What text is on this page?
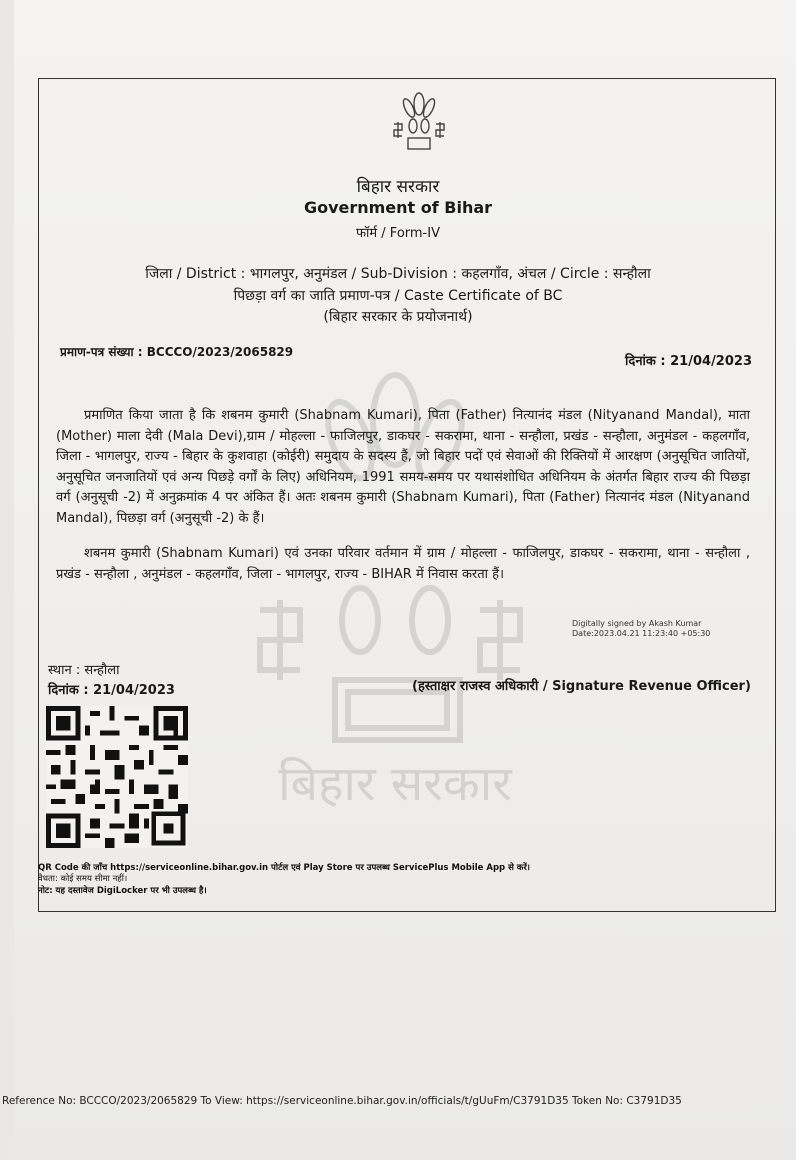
बिहार सरकार
बिहार सरकार
Government of Bihar
फॉर्म / Form-IV
जिला / District : भागलपुर, अनुमंडल / Sub-Division : कहलगाँव, अंचल / Circle : सन्हौला
पिछड़ा वर्ग का जाति प्रमाण-पत्र / Caste Certificate of BC
(बिहार सरकार के प्रयोजनार्थ)
प्रमाण-पत्र संख्या : BCCCO/2023/2065829
दिनांक : 21/04/2023
प्रमाणित किया जाता है कि शबनम कुमारी (Shabnam Kumari), पिता (Father) नित्यानंद मंडल (Nityanand Mandal), माता (Mother) माला देवी (Mala Devi),ग्राम / मोहल्ला - फाजिलपुर, डाकघर - सकरामा, थाना - सन्हौला, प्रखंड - सन्हौला, अनुमंडल - कहलगाँव, जिला - भागलपुर, राज्य - बिहार के कुशवाहा (कोईरी) समुदाय के सदस्य हैं, जो बिहार पदों एवं सेवाओं की रिक्तियों में आरक्षण (अनुसूचित जातियों, अनुसूचित जनजातियों एवं अन्य पिछड़े वर्गों के लिए) अधिनियम, 1991 समय-समय पर यथासंशोधित अधिनियम के अंतर्गत बिहार राज्य की पिछड़ा वर्ग (अनुसूची -2) में अनुक्रमांक 4 पर अंकित हैं। अतः शबनम कुमारी (Shabnam Kumari), पिता (Father) नित्यानंद मंडल (Nityanand Mandal), पिछड़ा वर्ग (अनुसूची -2) के हैं।
शबनम कुमारी (Shabnam Kumari) एवं उनका परिवार वर्तमान में ग्राम / मोहल्ला - फाजिलपुर, डाकघर - सकरामा, थाना - सन्हौला , प्रखंड - सन्हौला , अनुमंडल - कहलगाँव, जिला - भागलपुर, राज्य - BIHAR में निवास करता हैं।
Digitally signed by Akash Kumar
Date:2023.04.21 11:23:40 +05:30
स्थान : सन्हौला
दिनांक : 21/04/2023	(हस्ताक्षर राजस्व अधिकारी / Signature Revenue Officer)
QR Code की जाँच https://serviceonline.bihar.gov.in पोर्टल एवं Play Store पर उपलब्ध ServicePlus Mobile App से करें।
वैधता: कोई समय सीमा नहीं।
नोट: यह दस्तावेज DigiLocker पर भी उपलब्ध है।
Reference No: BCCCO/2023/2065829 To View: https://serviceonline.bihar.gov.in/officials/t/gUuFm/C3791D35 Token No: C3791D35
